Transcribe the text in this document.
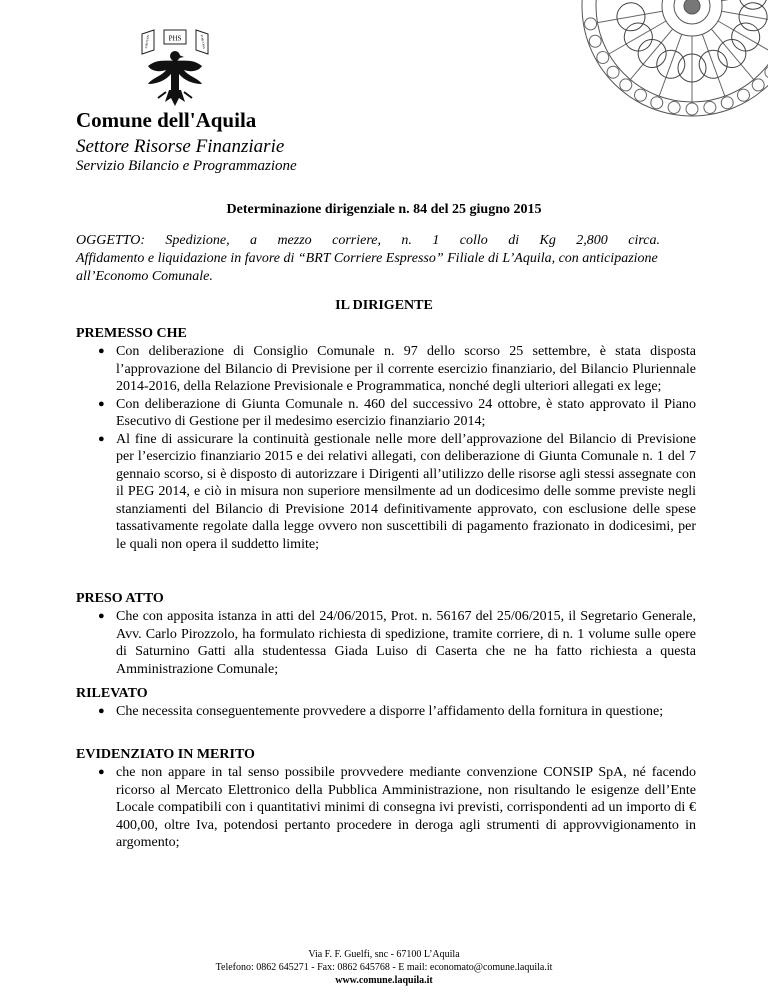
PHS
AMITERN	FORCONA
Comune dell'Aquila
Settore Risorse Finanziarie
Servizio Bilancio e Programmazione
Determinazione dirigenziale n. 84 del 25 giugno 2015
OGGETTO: Spedizione, a mezzo corriere, n. 1 collo di Kg 2,800 circa.
Affidamento e liquidazione in favore di “BRT Corriere Espresso” Filiale di L’Aquila, con anticipazione all’Economo Comunale.
IL DIRIGENTE
PREMESSO CHE
● Con deliberazione di Consiglio Comunale n. 97 dello scorso 25 settembre, è stata disposta l’approvazione del Bilancio di Previsione per il corrente esercizio finanziario, del Bilancio Pluriennale 2014-2016, della Relazione Previsionale e Programmatica, nonché degli ulteriori allegati ex lege;
● Con deliberazione di Giunta Comunale n. 460 del successivo 24 ottobre, è stato approvato il Piano Esecutivo di Gestione per il medesimo esercizio finanziario 2014;
● Al fine di assicurare la continuità gestionale nelle more dell’approvazione del Bilancio di Previsione per l’esercizio finanziario 2015 e dei relativi allegati, con deliberazione di Giunta Comunale n. 1 del 7 gennaio scorso, si è disposto di autorizzare i Dirigenti all’utilizzo delle risorse agli stessi assegnate con il PEG 2014, e ciò in misura non superiore mensilmente ad un dodicesimo delle somme previste negli stanziamenti del Bilancio di Previsione 2014 definitivamente approvato, con esclusione delle spese tassativamente regolate dalla legge ovvero non suscettibili di pagamento frazionato in dodicesimi, per le quali non opera il suddetto limite;
PRESO ATTO
● Che con apposita istanza in atti del 24/06/2015, Prot. n. 56167 del 25/06/2015, il Segretario Generale, Avv. Carlo Pirozzolo, ha formulato richiesta di spedizione, tramite corriere, di n. 1 volume sulle opere di Saturnino Gatti alla studentessa Giada Luiso di Caserta che ne ha fatto richiesta a questa Amministrazione Comunale;
RILEVATO
● Che necessita conseguentemente provvedere a disporre l’affidamento della fornitura in questione;
EVIDENZIATO IN MERITO
● che non appare in tal senso possibile provvedere mediante convenzione CONSIP SpA, né facendo ricorso al Mercato Elettronico della Pubblica Amministrazione, non risultando le esigenze dell’Ente Locale compatibili con i quantitativi minimi di consegna ivi previsti, corrispondenti ad un importo di € 400,00, oltre Iva, potendosi pertanto procedere in deroga agli strumenti di approvvigionamento in argomento;
Via F. F. Guelfi, snc - 67100 L’Aquila
Telefono: 0862 645271 - Fax: 0862 645768 - E mail: economato@comune.laquila.it
www.comune.laquila.it
